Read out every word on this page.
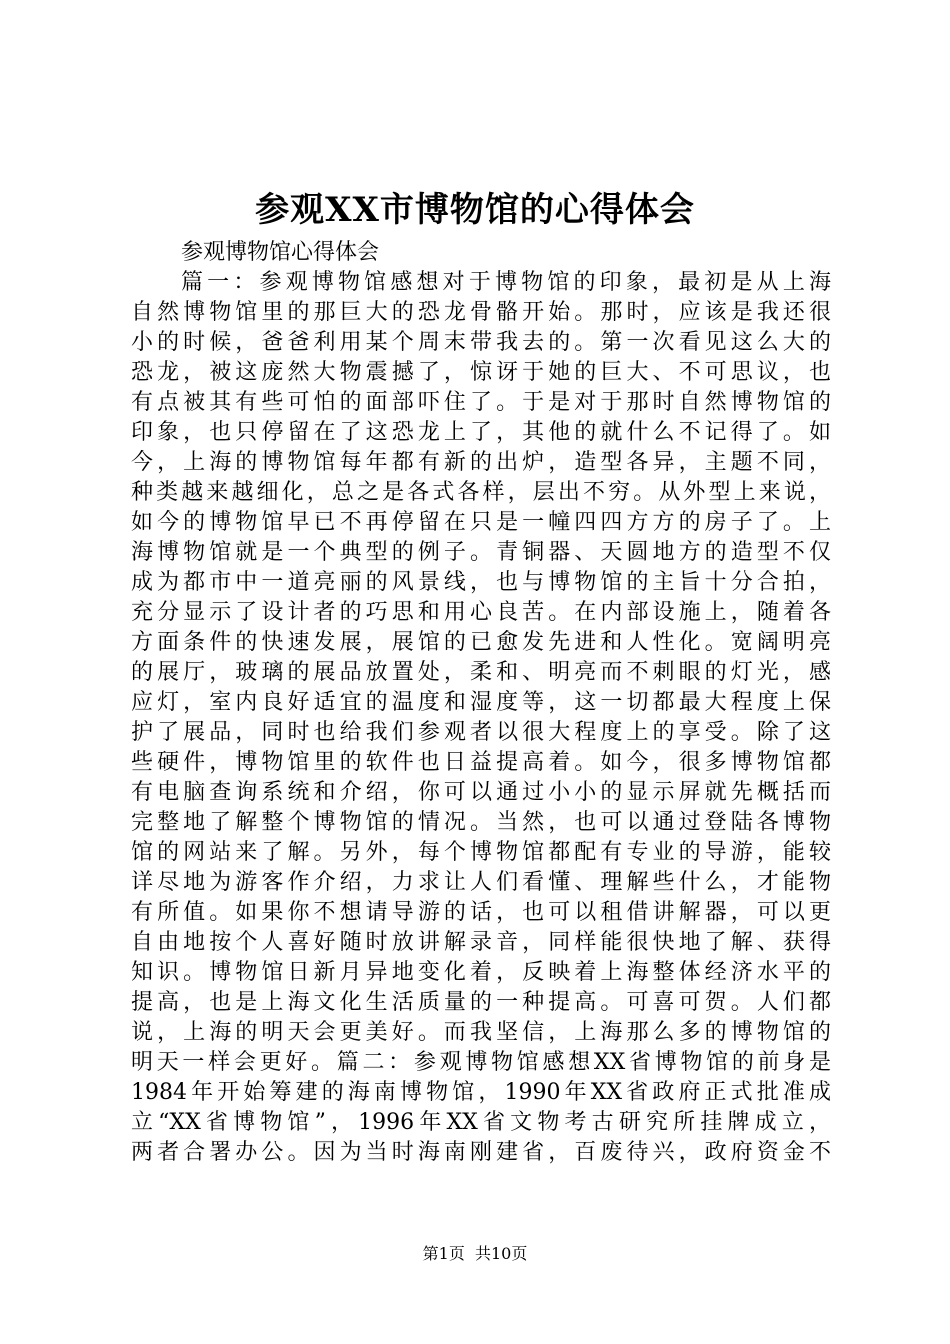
参观XX市博物馆的心得体会

参观博物馆心得体会

篇一：参观博物馆感想对于博物馆的印象，最初是从上海
自然博物馆里的那巨大的恐龙骨骼开始。那时，应该是我还很
小的时候，爸爸利用某个周末带我去的。第一次看见这么大的
恐龙，被这庞然大物震撼了，惊讶于她的巨大、不可思议，也
有点被其有些可怕的面部吓住了。于是对于那时自然博物馆的
印象，也只停留在了这恐龙上了，其他的就什么不记得了。如
今，上海的博物馆每年都有新的出炉，造型各异，主题不同，
种类越来越细化，总之是各式各样，层出不穷。从外型上来说，
如今的博物馆早已不再停留在只是一幢四四方方的房子了。上
海博物馆就是一个典型的例子。青铜器、天圆地方的造型不仅
成为都市中一道亮丽的风景线，也与博物馆的主旨十分合拍，
充分显示了设计者的巧思和用心良苦。在内部设施上，随着各
方面条件的快速发展，展馆的已愈发先进和人性化。宽阔明亮
的展厅，玻璃的展品放置处，柔和、明亮而不刺眼的灯光，感
应灯，室内良好适宜的温度和湿度等，这一切都最大程度上保
护了展品，同时也给我们参观者以很大程度上的享受。除了这
些硬件，博物馆里的软件也日益提高着。如今，很多博物馆都
有电脑查询系统和介绍，你可以通过小小的显示屏就先概括而
完整地了解整个博物馆的情况。当然，也可以通过登陆各博物
馆的网站来了解。另外，每个博物馆都配有专业的导游，能较
详尽地为游客作介绍，力求让人们看懂、理解些什么，才能物
有所值。如果你不想请导游的话，也可以租借讲解器，可以更
自由地按个人喜好随时放讲解录音，同样能很快地了解、获得
知识。博物馆日新月异地变化着，反映着上海整体经济水平的
提高，也是上海文化生活质量的一种提高。可喜可贺。人们都
说，上海的明天会更美好。而我坚信，上海那么多的博物馆的
明天一样会更好。篇二：参观博物馆感想XX省博物馆的前身是
1984年开始筹建的海南博物馆，1990年XX省政府正式批准成
立“XX省博物馆”，1996年XX省文物考古研究所挂牌成立，
两者合署办公。因为当时海南刚建省，百废待兴，政府资金不
第1页  共10页
